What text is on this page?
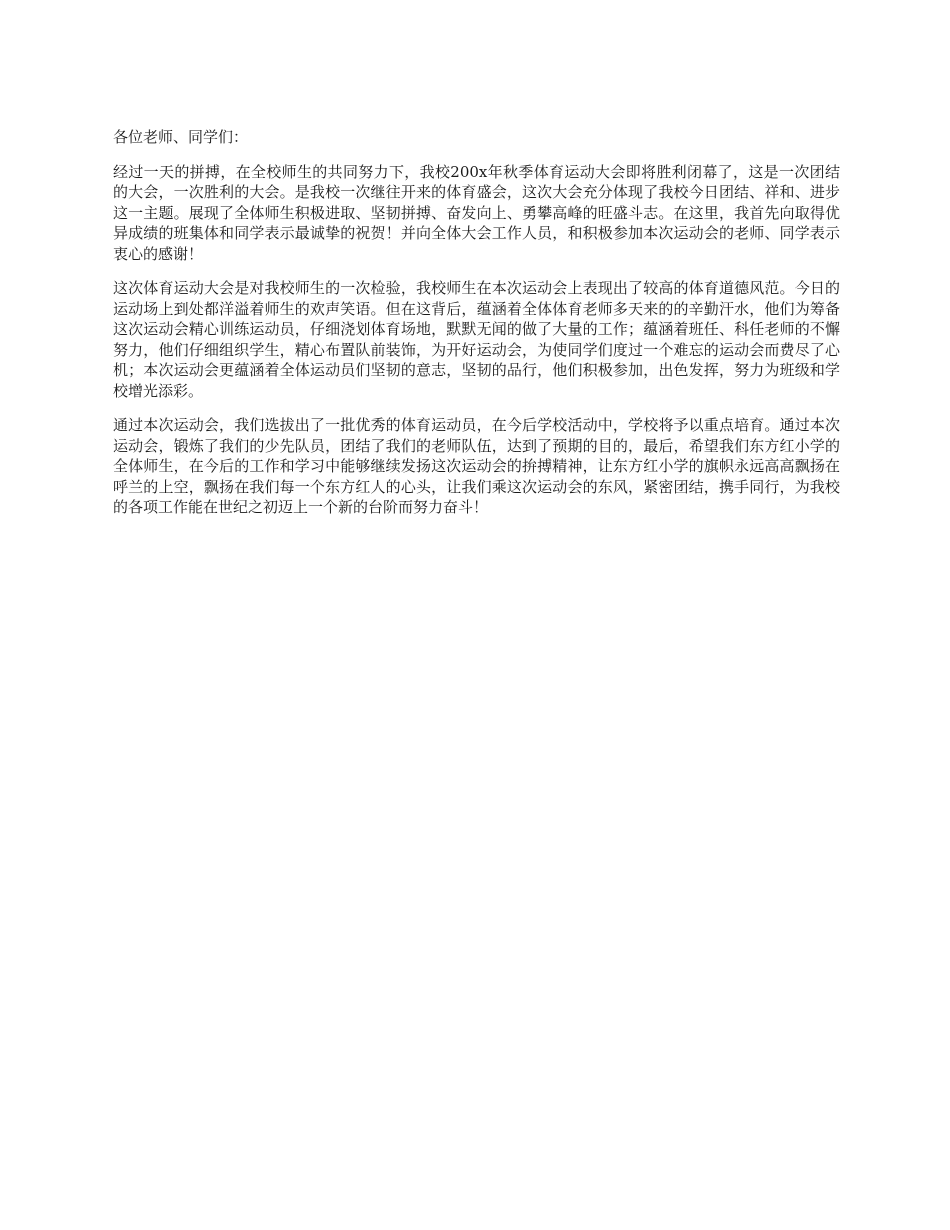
各位老师、同学们：

经过一天的拼搏，在全校师生的共同努力下，我校200x年秋季体育运动大会即将胜利闭幕了，这是一次团结的大会，一次胜利的大会。是我校一次继往开来的体育盛会，这次大会充分体现了我校今日团结、祥和、进步这一主题。展现了全体师生积极进取、坚韧拼搏、奋发向上、勇攀高峰的旺盛斗志。在这里，我首先向取得优异成绩的班集体和同学表示最诚挚的祝贺！并向全体大会工作人员，和积极参加本次运动会的老师、同学表示衷心的感谢！

这次体育运动大会是对我校师生的一次检验，我校师生在本次运动会上表现出了较高的体育道德风范。今日的运动场上到处都洋溢着师生的欢声笑语。但在这背后，蕴涵着全体体育老师多天来的的辛勤汗水，他们为筹备这次运动会精心训练运动员，仔细浇划体育场地，默默无闻的做了大量的工作；蕴涵着班任、科任老师的不懈努力，他们仔细组织学生，精心布置队前装饰，为开好运动会，为使同学们度过一个难忘的运动会而费尽了心机；本次运动会更蕴涵着全体运动员们坚韧的意志，坚韧的品行，他们积极参加，出色发挥，努力为班级和学校增光添彩。

通过本次运动会，我们选拔出了一批优秀的体育运动员，在今后学校活动中，学校将予以重点培育。通过本次运动会，锻炼了我们的少先队员，团结了我们的老师队伍，达到了预期的目的，最后，希望我们东方红小学的全体师生，在今后的工作和学习中能够继续发扬这次运动会的拚搏精神，让东方红小学的旗帜永远高高飘扬在呼兰的上空，飘扬在我们每一个东方红人的心头，让我们乘这次运动会的东风，紧密团结，携手同行，为我校的各项工作能在世纪之初迈上一个新的台阶而努力奋斗！
